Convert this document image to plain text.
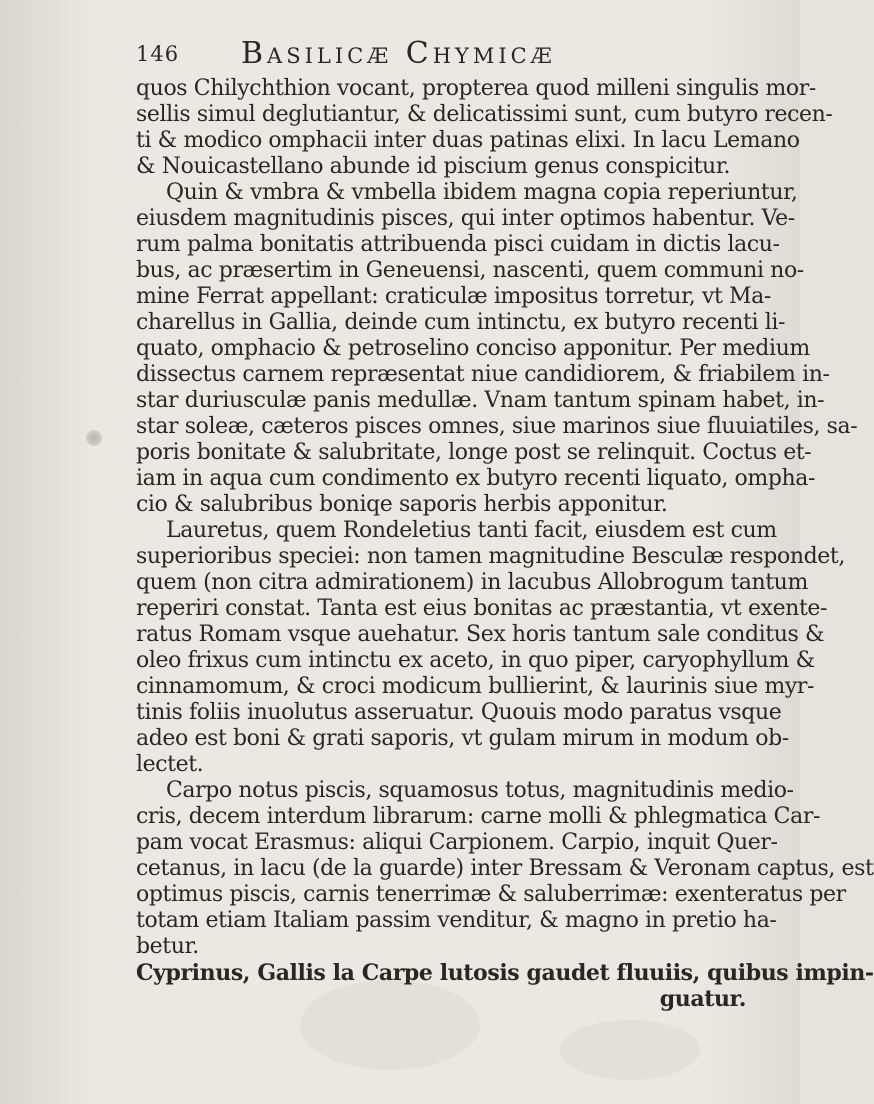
146 Basilicæ Chymicæ
quos Chilychthion vocant, propterea quod milleni singulis mor-
sellis simul deglutiantur, & delicatissimi sunt, cum butyro recen-
ti & modico omphacii inter duas patinas elixi. In lacu Lemano
& Nouicastellano abunde id piscium genus conspicitur.
Quin & vmbra & vmbella ibidem magna copia reperiuntur,
eiusdem magnitudinis pisces, qui inter optimos habentur. Ve-
rum palma bonitatis attribuenda pisci cuidam in dictis lacu-
bus, ac præsertim in Geneuensi, nascenti, quem communi no-
mine Ferrat appellant: craticulæ impositus torretur, vt Ma-
charellus in Gallia, deinde cum intinctu, ex butyro recenti li-
quato, omphacio & petroselino conciso apponitur. Per medium
dissectus carnem repræsentat niue candidiorem, & friabilem in-
star duriusculæ panis medullæ. Vnam tantum spinam habet, in-
star soleæ, cæteros pisces omnes, siue marinos siue fluuiatiles, sa-
poris bonitate & salubritate, longe post se relinquit. Coctus et-
iam in aqua cum condimento ex butyro recenti liquato, ompha-
cio & salubribus boniqe saporis herbis apponitur.
Lauretus, quem Rondeletius tanti facit, eiusdem est cum
superioribus speciei: non tamen magnitudine Besculæ respondet,
quem (non citra admirationem) in lacubus Allobrogum tantum
reperiri constat. Tanta est eius bonitas ac præstantia, vt exente-
ratus Romam vsque auehatur. Sex horis tantum sale conditus &
oleo frixus cum intinctu ex aceto, in quo piper, caryophyllum &
cinnamomum, & croci modicum bullierint, & laurinis siue myr-
tinis foliis inuolutus asseruatur. Quouis modo paratus vsque
adeo est boni & grati saporis, vt gulam mirum in modum ob-
lectet.
Carpo notus piscis, squamosus totus, magnitudinis medio-
cris, decem interdum librarum: carne molli & phlegmatica Car-
pam vocat Erasmus: aliqui Carpionem. Carpio, inquit Quer-
cetanus, in lacu (de la guarde) inter Bressam & Veronam captus, est
optimus piscis, carnis tenerrimæ & saluberrimæ: exenteratus per
totam etiam Italiam passim venditur, & magno in pretio ha-
betur.
Cyprinus, Gallis la Carpe lutosis gaudet fluuiis, quibus impin-
guatur.
